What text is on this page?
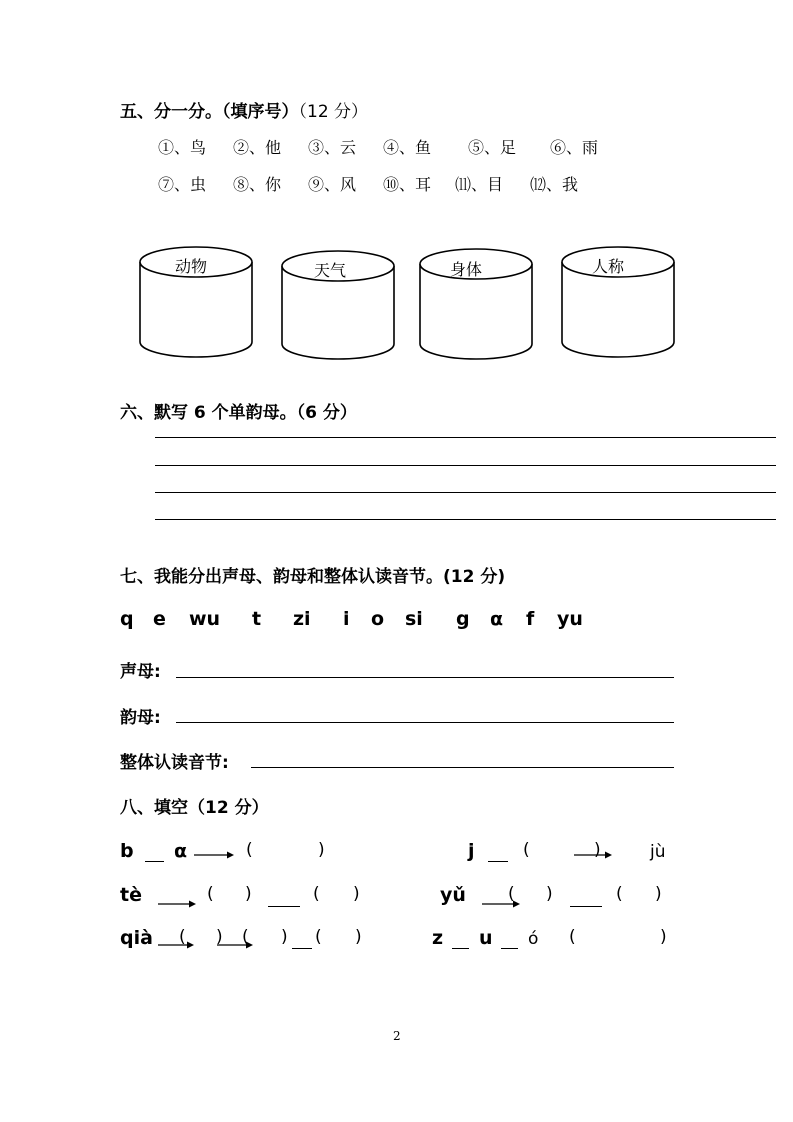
五、分一分。（填序号）（12 分）
①、鸟 ②、他 ③、云 ④、鱼 ⑤、足 ⑥、雨
⑦、虫 ⑧、你 ⑨、风 ⑩、耳 ⑾、目 ⑿、我
动物	天气	身体	人称
六、默写 6 个单韵母。（6 分）
七、我能分出声母、韵母和整体认读音节。(12 分)
q e wu t zi i o si g α f yu
声母:
韵母:
整体认读音节:
八、填空（12 分）
b α	(	)	j	(	)	jù
tè	( )	( )	yǔ ( )	( )
qià ( ) ( ) ( )	z u ó (	)
2
